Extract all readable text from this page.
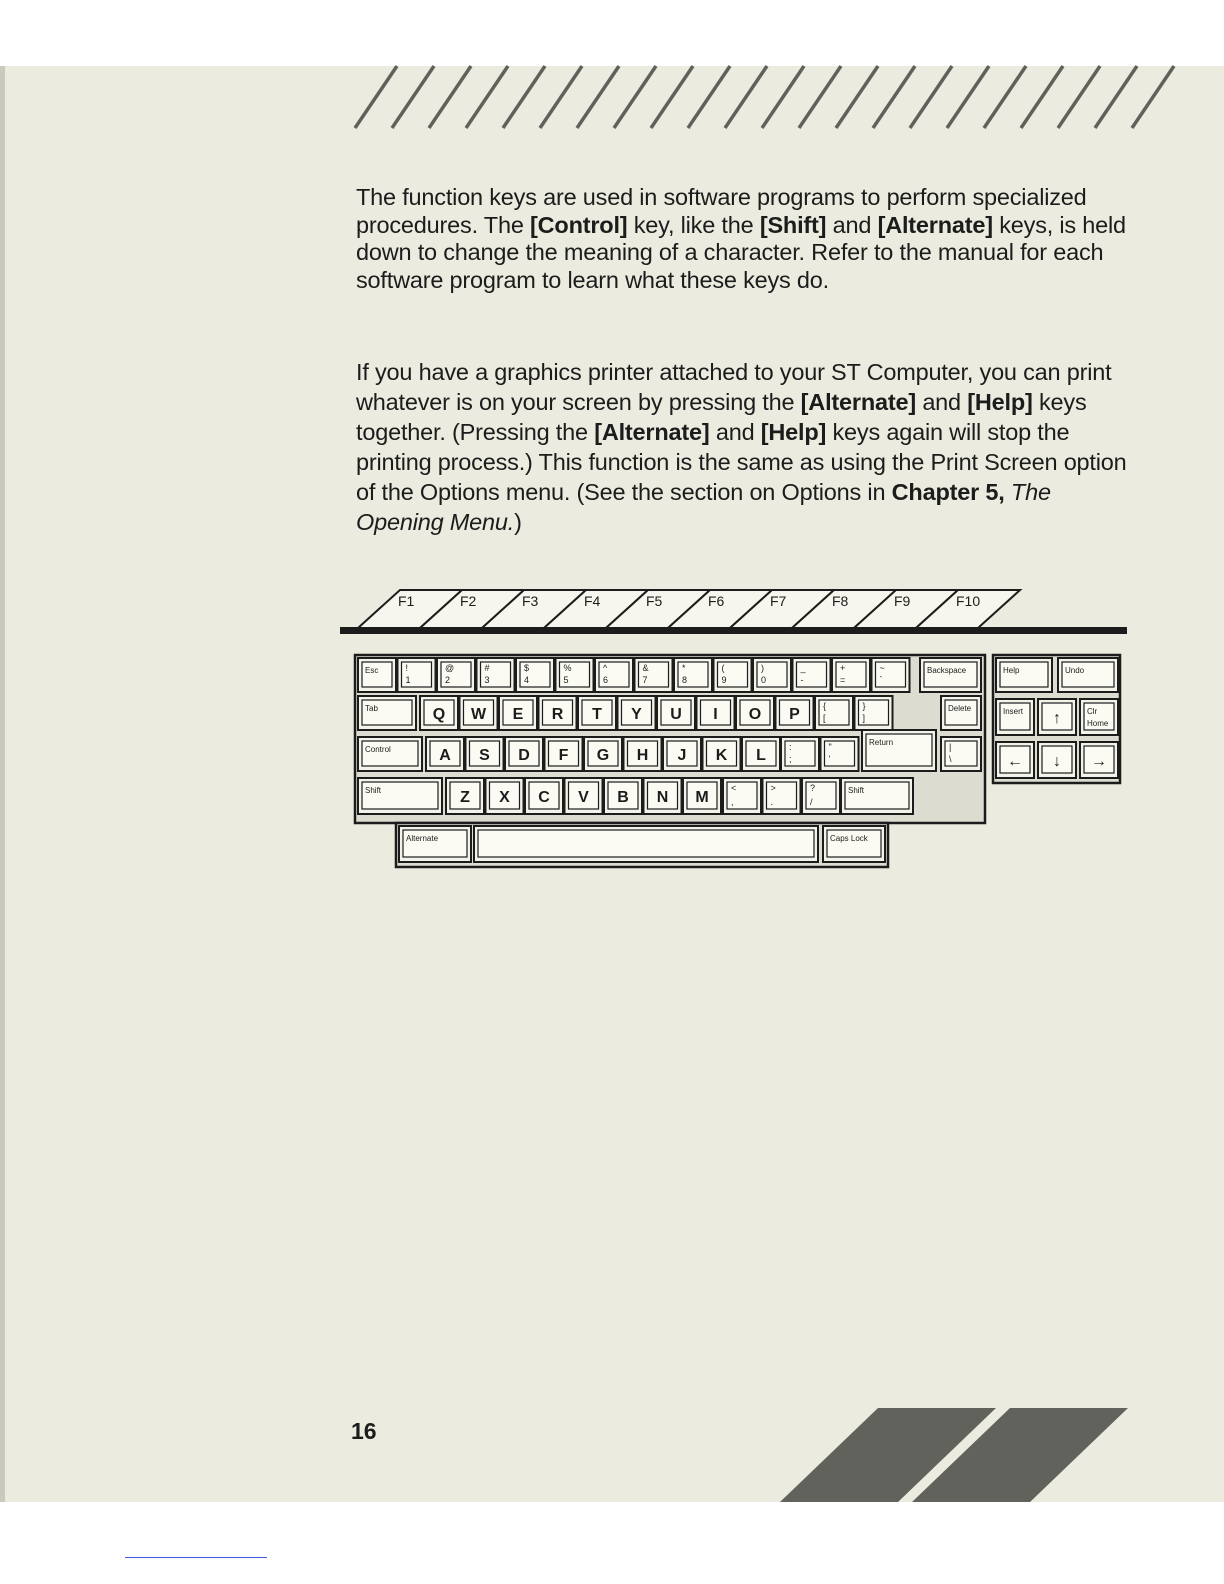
The function keys are used in software programs to perform specialized procedures. The [Control] key, like the [Shift] and [Alternate] keys, is held down to change the meaning of a character. Refer to the manual for each software program to learn what these keys do.

If you have a graphics printer attached to your ST Computer, you can print whatever is on your screen by pressing the [Alternate] and [Help] keys together. (Pressing the [Alternate] and [Help] keys again will stop the printing process.) This function is the same as using the Print Screen option of the Options menu. (See the section on Options in Chapter 5, The Opening Menu.)

16
F1	F2	F3	F4	F5	F6	F7	F8	F9	F10
Esc	!
1
@
2
#
3
$
4
%
5
^
6
&
7
*
8
(
9
)
0
_
-
+
=
~
`
Backspace
Tab	Q W E R T Y U I O P	{
[
}
]
Delete
Control	A S D F G H J K L	:
;
"
'
Return	|
\
Shift	Z X C V B N M
<
,
>
.
?
/
Shift
Alternate	Caps Lock
Help	Undo
Insert ↑	Clr
Home
← ↓ →
